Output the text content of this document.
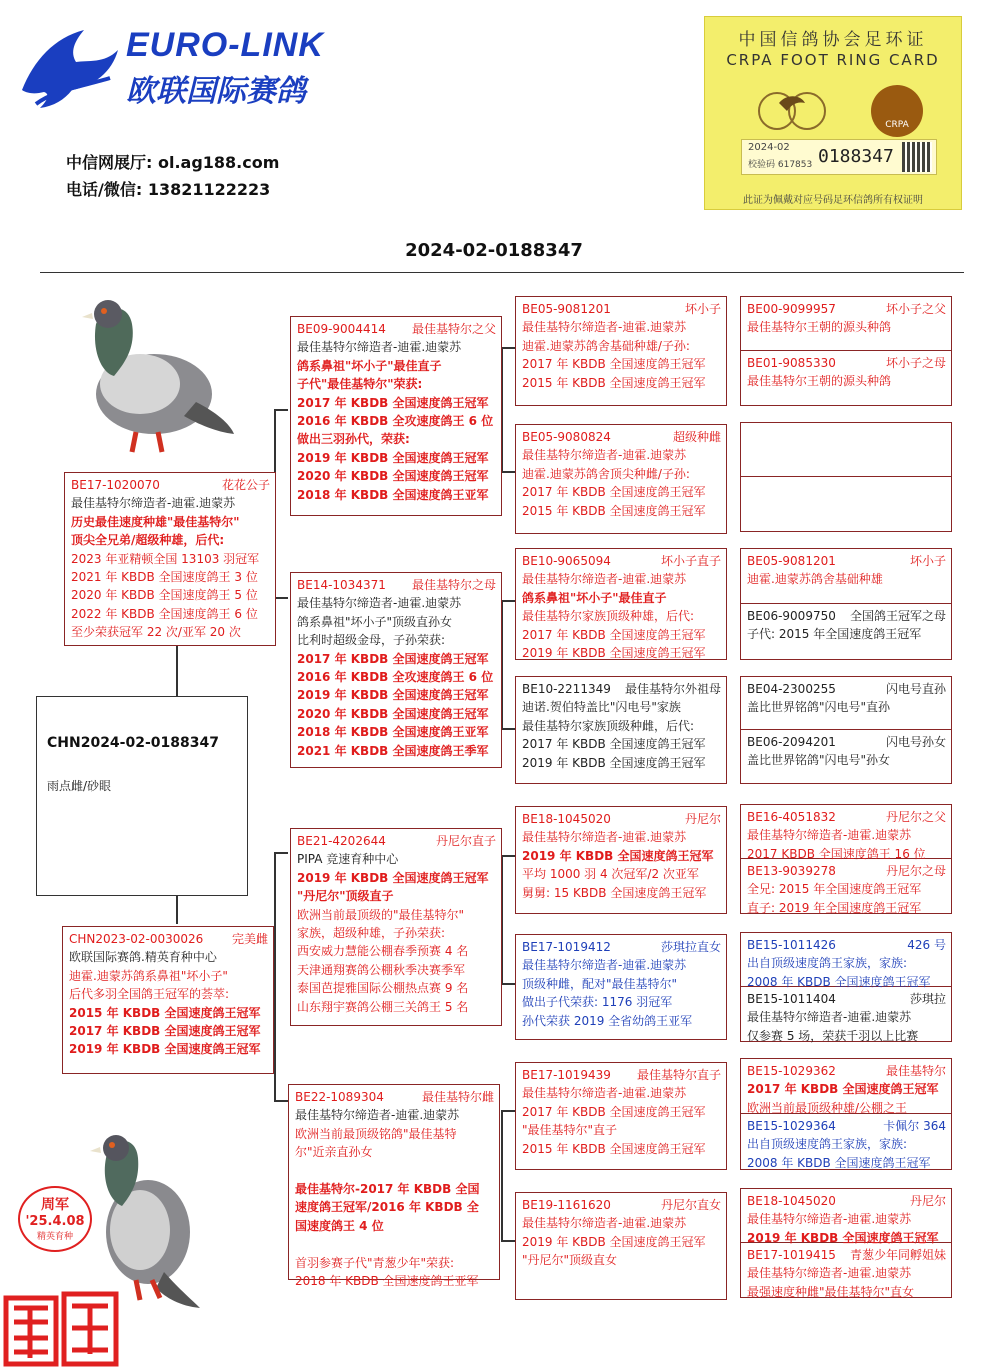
EURO-LINK
欧联国际赛鸽
中信网展厅: ol.ag188.com
电话/微信: 13821122223
中国信鸽协会足环证
CRPA FOOT RING CARD
CRPA
2024-02
校验码 617853 0188347
此证为佩戴对应号码足环信鸽所有权证明
2024-02-0188347
周军
'25.4.08
精英育种
BE17-1020070	花花公子
最佳基特尔缔造者-迪霍.迪蒙苏
历史最佳速度种雄"最佳基特尔"
顶尖全兄弟/超级种雄，后代:
2023 年亚精顿全国 13103 羽冠军
2021 年 KBDB 全国速度鸽王 3 位
2020 年 KBDB 全国速度鸽王 5 位
2022 年 KBDB 全国速度鸽王 6 位
至少荣获冠军 22 次/亚军 20 次
CHN2024-02-0188347
雨点雌/砂眼
CHN2023-02-0030026 完美雌
欧联国际赛鸽.精英育种中心
迪霍.迪蒙苏鸽系鼻祖"坏小子"
后代多羽全国鸽王冠军的荟萃:
2015 年 KBDB 全国速度鸽王冠军
2017 年 KBDB 全国速度鸽王冠军
2019 年 KBDB 全国速度鸽王冠军
BE09-9004414 最佳基特尔之父
最佳基特尔缔造者-迪霍.迪蒙苏
鸽系鼻祖"坏小子"最佳直子
子代"最佳基特尔"荣获:
2017 年 KBDB 全国速度鸽王冠军
2016 年 KBDB 全攻速度鸽王 6 位
做出三羽孙代，荣获:
2019 年 KBDB 全国速度鸽王冠军
2020 年 KBDB 全国速度鸽王冠军
2018 年 KBDB 全国速度鸽王亚军
BE14-1034371 最佳基特尔之母
最佳基特尔缔造者-迪霍.迪蒙苏
鸽系鼻祖"坏小子"顶级直孙女
比利时超级金母，子孙荣获:
2017 年 KBDB 全国速度鸽王冠军
2016 年 KBDB 全攻速度鸽王 6 位
2019 年 KBDB 全国速度鸽王冠军
2020 年 KBDB 全国速度鸽王冠军
2018 年 KBDB 全国速度鸽王亚军
2021 年 KBDB 全国速度鸽王季军
BE21-4202644	丹尼尔直子
PIPA 竞速育种中心
2019 年 KBDB 全国速度鸽王冠军
"丹尼尔"顶级直子
欧洲当前最顶级的"最佳基特尔"
家族，超级种雄，子孙荣获:
西安威力慧能公棚春季预赛 4 名
天津通翔赛鸽公棚秋季决赛季军
泰国芭提雅国际公棚热点赛 9 名
山东翔宇赛鸽公棚三关鸽王 5 名
BE22-1089304	最佳基特尔雌
最佳基特尔缔造者-迪霍.迪蒙苏
欧洲当前最顶级铭鸽"最佳基特
尔"近亲直孙女

最佳基特尔-2017 年 KBDB 全国
速度鸽王冠军/2016 年 KBDB 全
国速度鸽王 4 位

首羽参赛子代"青葱少年"荣获:
2018 年 KBDB 全国速度鸽王亚军
BE05-9081201	坏小子
最佳基特尔缔造者-迪霍.迪蒙苏
迪霍.迪蒙苏鸽舍基础种雄/子孙:
2017 年 KBDB 全国速度鸽王冠军
2015 年 KBDB 全国速度鸽王冠军
BE05-9080824	超级种雌
最佳基特尔缔造者-迪霍.迪蒙苏
迪霍.迪蒙苏鸽舍顶尖种雌/子孙:
2017 年 KBDB 全国速度鸽王冠军
2015 年 KBDB 全国速度鸽王冠军
BE10-9065094	坏小子直子
最佳基特尔缔造者-迪霍.迪蒙苏
鸽系鼻祖"坏小子"最佳直子
最佳基特尔家族顶级种雄，后代:
2017 年 KBDB 全国速度鸽王冠军
2019 年 KBDB 全国速度鸽王冠军
BE10-2211349 最佳基特尔外祖母
迪诺.贺伯特盖比"闪电号"家族
最佳基特尔家族顶级种雌，后代:
2017 年 KBDB 全国速度鸽王冠军
2019 年 KBDB 全国速度鸽王冠军
BE18-1045020	丹尼尔
最佳基特尔缔造者-迪霍.迪蒙苏
2019 年 KBDB 全国速度鸽王冠军
平均 1000 羽 4 次冠军/2 次亚军
舅舅: 15 KBDB 全国速度鸽王冠军
BE17-1019412	莎琪拉直女
最佳基特尔缔造者-迪霍.迪蒙苏
顶级种雌，配对"最佳基特尔"
做出子代荣获: 1176 羽冠军
孙代荣获 2019 全省幼鸽王亚军
BE17-1019439 最佳基特尔直子
最佳基特尔缔造者-迪霍.迪蒙苏
2017 年 KBDB 全国速度鸽王冠军
"最佳基特尔"直子
2015 年 KBDB 全国速度鸽王冠军
BE19-1161620	丹尼尔直女
最佳基特尔缔造者-迪霍.迪蒙苏
2019 年 KBDB 全国速度鸽王冠军
"丹尼尔"顶级直女
BE00-9099957	坏小子之父
最佳基特尔王朝的源头种鸽
BE01-9085330	坏小子之母
最佳基特尔王朝的源头种鸽
BE05-9081201	坏小子
迪霍.迪蒙苏鸽舍基础种雄
BE06-9009750 全国鸽王冠军之母
子代: 2015 年全国速度鸽王冠军
BE04-2300255	闪电号直孙
盖比世界铭鸽"闪电号"直孙
BE06-2094201	闪电号孙女
盖比世界铭鸽"闪电号"孙女
BE16-4051832	丹尼尔之父
最佳基特尔缔造者-迪霍.迪蒙苏
2017 KBDB 全国速度鸽王 16 位
BE13-9039278	丹尼尔之母
全兄: 2015 年全国速度鸽王冠军
直子: 2019 年全国速度鸽王冠军
BE15-1011426	426 号
出自顶级速度鸽王家族，家族:
2008 年 KBDB 全国速度鸽王冠军
BE15-1011404	莎琪拉
最佳基特尔缔造者-迪霍.迪蒙苏
仅参赛 5 场，荣获千羽以上比赛
BE15-1029362	最佳基特尔
2017 年 KBDB 全国速度鸽王冠军
欧洲当前最顶级种雄/公棚之王
BE15-1029364	卡佩尔 364
出自顶级速度鸽王家族，家族:
2008 年 KBDB 全国速度鸽王冠军
BE18-1045020	丹尼尔
最佳基特尔缔造者-迪霍.迪蒙苏
2019 年 KBDB 全国速度鸽王冠军
BE17-1019415 青葱少年同孵姐妹
最佳基特尔缔造者-迪霍.迪蒙苏
最强速度种雌"最佳基特尔"直女
